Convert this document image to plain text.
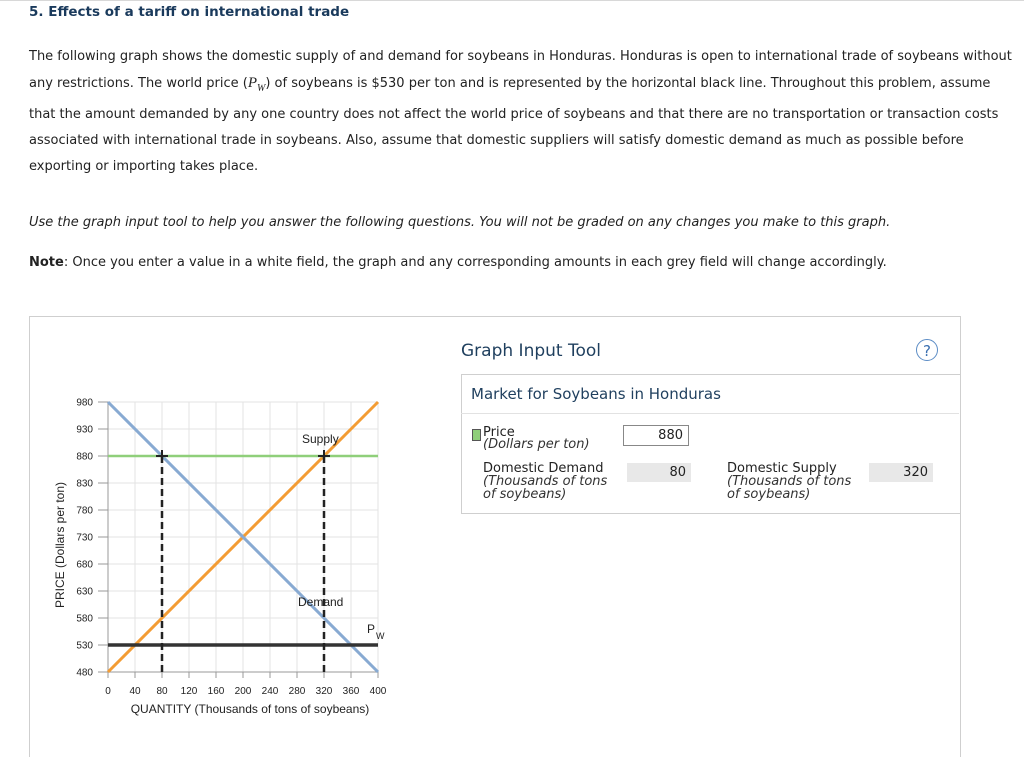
5. Effects of a tariff on international trade
The following graph shows the domestic supply of and demand for soybeans in Honduras. Honduras is open to international trade of soybeans without any restrictions. The world price $(P_W)$ of soybeans is $530 per ton and is represented by the horizontal black line. Throughout this problem, assume that the amount demanded by any one country does not affect the world price of soybeans and that there are no transportation or transaction costs associated with international trade in soybeans. Also, assume that domestic suppliers will satisfy domestic demand as much as possible before exporting or importing takes place.
Use the graph input tool to help you answer the following questions. You will not be graded on any changes you make to this graph.
Note: Once you enter a value in a white field, the graph and any corresponding amounts in each grey field will change accordingly.
480
530
580
630
680
730
780
830
880
930
980
0 40 80 120 160 200 240 280 320 360 400
QUANTITY (Thousands of tons of soybeans)
PRICE (Dollars per ton)
Supply
Demand
P W
Graph Input Tool	?
Market for Soybeans in Honduras
Price
(Dollars per ton)
880
Domestic Demand
(Thousands of tons of soybeans)
80	Domestic Supply
(Thousands of tons of soybeans)
320
